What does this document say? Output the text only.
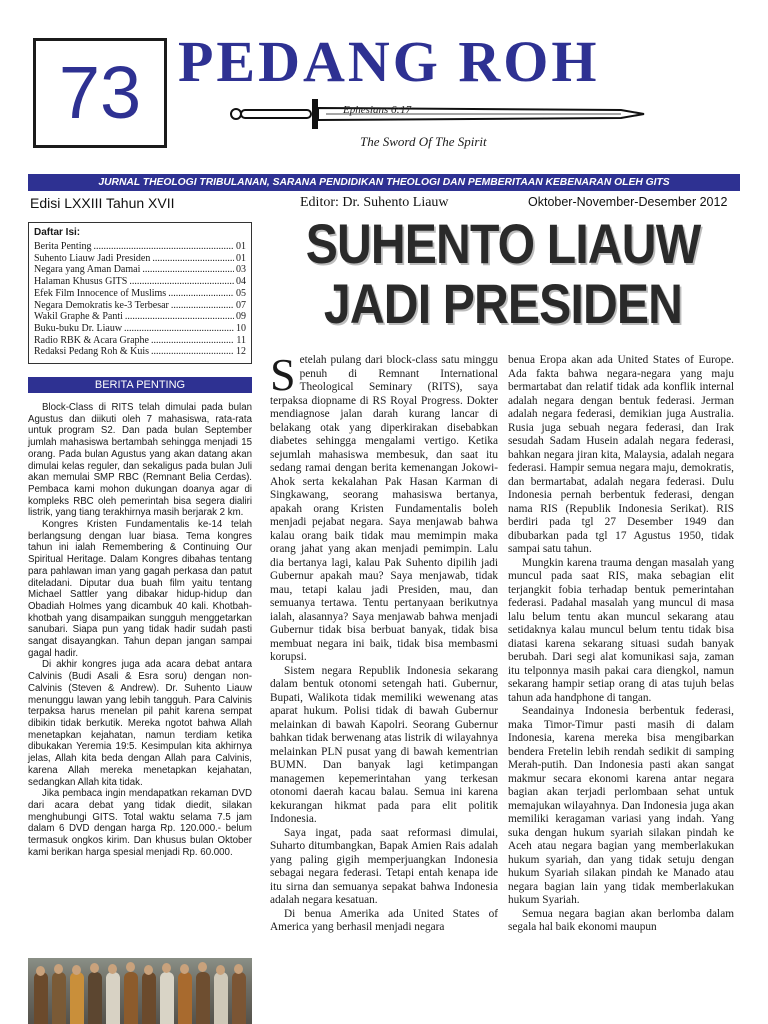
73 PEDANG ROH
Ephesians 6:17
The Sword Of The Spirit
JURNAL THEOLOGI TRIBULANAN, SARANA PENDIDIKAN THEOLOGI DAN PEMBERITAAN KEBENARAN OLEH GITS
Edisi LXXIII Tahun XVII	Editor: Dr. Suhento Liauw	Oktober-November-Desember 2012
Daftar Isi:
Berita Penting .....	01
Suhento Liauw Jadi Presiden .....	01
Negara yang Aman Damai .....	03
Halaman Khusus GITS .....	04
Efek Film Innocence of Muslims .....	05
Negara Demokratis ke-3 Terbesar .....	07
Wakil Graphe & Panti .....	09
Buku-buku Dr. Liauw .....	10
Radio RBK & Acara Graphe .....	11
Redaksi Pedang Roh & Kuis .....	12
BERITA PENTING

Block-Class di RITS telah dimulai pada bulan Agustus dan diikuti oleh 7 mahasiswa, rata-rata untuk program S2. Dan pada bulan September jumlah mahasiswa bertambah sehingga menjadi 15 orang. Pada bulan Agustus yang akan datang akan dimulai kelas reguler, dan sekaligus pada bulan Juli akan memulai SMP RBC (Remnant Belia Cerdas). Pembaca kami mohon dukungan doanya agar di kompleks RBC oleh pemerintah bisa segera dialiri listrik, yang tiang terakhirnya masih berjarak 2 km.

Kongres Kristen Fundamentalis ke-14 telah berlangsung dengan luar biasa. Tema kongres tahun ini ialah Remembering & Continuing Our Spiritual Heritage. Dalam Kongres dibahas tentang para pahlawan iman yang gagah perkasa dan patut diteladani. Diputar dua buah film yaitu tentang Michael Sattler yang dibakar hidup-hidup dan Obadiah Holmes yang dicambuk 40 kali. Khotbah-khotbah yang disampaikan sungguh menggetarkan sanubari. Siapa pun yang tidak hadir sudah pasti sangat disayangkan. Tahun depan jangan sampai gagal hadir.

Di akhir kongres juga ada acara debat antara Calvinis (Budi Asali & Esra soru) dengan non-Calvinis (Steven & Andrew). Dr. Suhento Liauw menunggu lawan yang lebih tangguh. Para Calvinis terpaksa harus menelan pil pahit karena sempat dibikin tidak berkutik. Mereka ngotot bahwa Allah menetapkan kejahatan, namun terdiam ketika dibukakan Yeremia 19:5. Kesimpulan kita akhirnya jelas, Allah kita beda dengan Allah para Calvinis, karena Allah mereka menetapkan kejahatan, sedangkan Allah kita tidak.

Jika pembaca ingin mendapatkan rekaman DVD dari acara debat yang tidak diedit, silakan menghubungi GITS. Total waktu selama 7.5 jam dalam 6 DVD dengan harga Rp. 120.000.- belum termasuk ongkos kirim. Dan khusus bulan Oktober kami berikan harga spesial menjadi Rp. 60.000.

SUHENTO LIAUW
JADI PRESIDEN

Setelah pulang dari block-class satu minggu penuh di Remnant International Theological Seminary (RITS), saya terpaksa diopname di RS Royal Progress. Dokter mendiagnose jalan darah kurang lancar di belakang otak yang diperkirakan disebabkan diabetes sehingga mengalami vertigo. Ketika sejumlah mahasiswa membesuk, dan saat itu sedang ramai dengan berita kemenangan Jokowi-Ahok serta kekalahan Pak Hasan Karman di Singkawang, seorang mahasiswa bertanya, apakah orang Kristen Fundamentalis boleh menjadi pejabat negara. Saya menjawab bahwa kalau orang baik tidak mau memimpin maka orang jahat yang akan menjadi pemimpin. Lalu dia bertanya lagi, kalau Pak Suhento dipilih jadi Gubernur apakah mau? Saya menjawab, tidak mau, tetapi kalau jadi Presiden, mau, dan semuanya tertawa. Tentu pertanyaan berikutnya ialah, alasannya? Saya menjawab bahwa menjadi Gubernur tidak bisa berbuat banyak, tidak bisa membuat negara ini baik, tidak bisa membasmi korupsi.

Sistem negara Republik Indonesia sekarang dalam bentuk otonomi setengah hati. Gubernur, Bupati, Walikota tidak memiliki wewenang atas aparat hukum. Polisi tidak di bawah Gubernur melainkan di bawah Kapolri. Seorang Gubernur bahkan tidak berwenang atas listrik di wilayahnya melainkan PLN pusat yang di bawah kementrian BUMN. Dan banyak lagi ketimpangan managemen kepemerintahan yang terkesan otonomi daerah kacau balau. Semua ini karena kekurangan hikmat pada para elit politik Indonesia.

Saya ingat, pada saat reformasi dimulai, Suharto ditumbangkan, Bapak Amien Rais adalah yang paling gigih memperjuangkan Indonesia sebagai negara federasi. Tetapi entah kenapa ide itu sirna dan semuanya sepakat bahwa Indonesia adalah negara kesatuan.

Di benua Amerika ada United States of America yang berhasil menjadi negara

benua Eropa akan ada United States of Europe. Ada fakta bahwa negara-negara yang maju bermartabat dan relatif tidak ada konflik internal adalah negara dengan bentuk federasi. Jerman adalah negara federasi, demikian juga Australia. Rusia juga sebuah negara federasi, dan Irak sesudah Sadam Husein adalah negara federasi, bahkan negara jiran kita, Malaysia, adalah negara federasi. Hampir semua negara maju, demokratis, dan bermartabat, adalah negara federasi. Dulu Indonesia pernah berbentuk federasi, dengan nama RIS (Republik Indonesia Serikat). RIS berdiri pada tgl 27 Desember 1949 dan dibubarkan pada tgl 17 Agustus 1950, tidak sampai satu tahun.

Mungkin karena trauma dengan masalah yang muncul pada saat RIS, maka sebagian elit terjangkit fobia terhadap bentuk pemerintahan federasi. Padahal masalah yang muncul di masa lalu belum tentu akan muncul sekarang atau setidaknya kalau muncul belum tentu tidak bisa diatasi karena sekarang situasi sudah banyak berubah. Dari segi alat komunikasi saja, zaman itu telponnya masih pakai cara diengkol, namun sekarang hampir setiap orang di atas tujuh belas tahun ada handphone di tangan.

Seandainya Indonesia berbentuk federasi, maka Timor-Timur pasti masih di dalam Indonesia, karena mereka bisa mengibarkan bendera Fretelin lebih rendah sedikit di samping Merah-putih. Dan Indonesia pasti akan sangat makmur secara ekonomi karena antar negara bagian akan terjadi perlombaan sehat untuk memajukan wilayahnya. Dan Indonesia juga akan memiliki keragaman variasi yang indah. Yang suka dengan hukum syariah silakan pindah ke Aceh atau negara bagian yang memberlakukan hukum syariah, dan yang tidak setuju dengan hukum Syariah silakan pindah ke Manado atau negara bagian lain yang tidak memberlakukan hukum Syariah.

Semua negara bagian akan berlomba dalam segala hal baik ekonomi maupun
